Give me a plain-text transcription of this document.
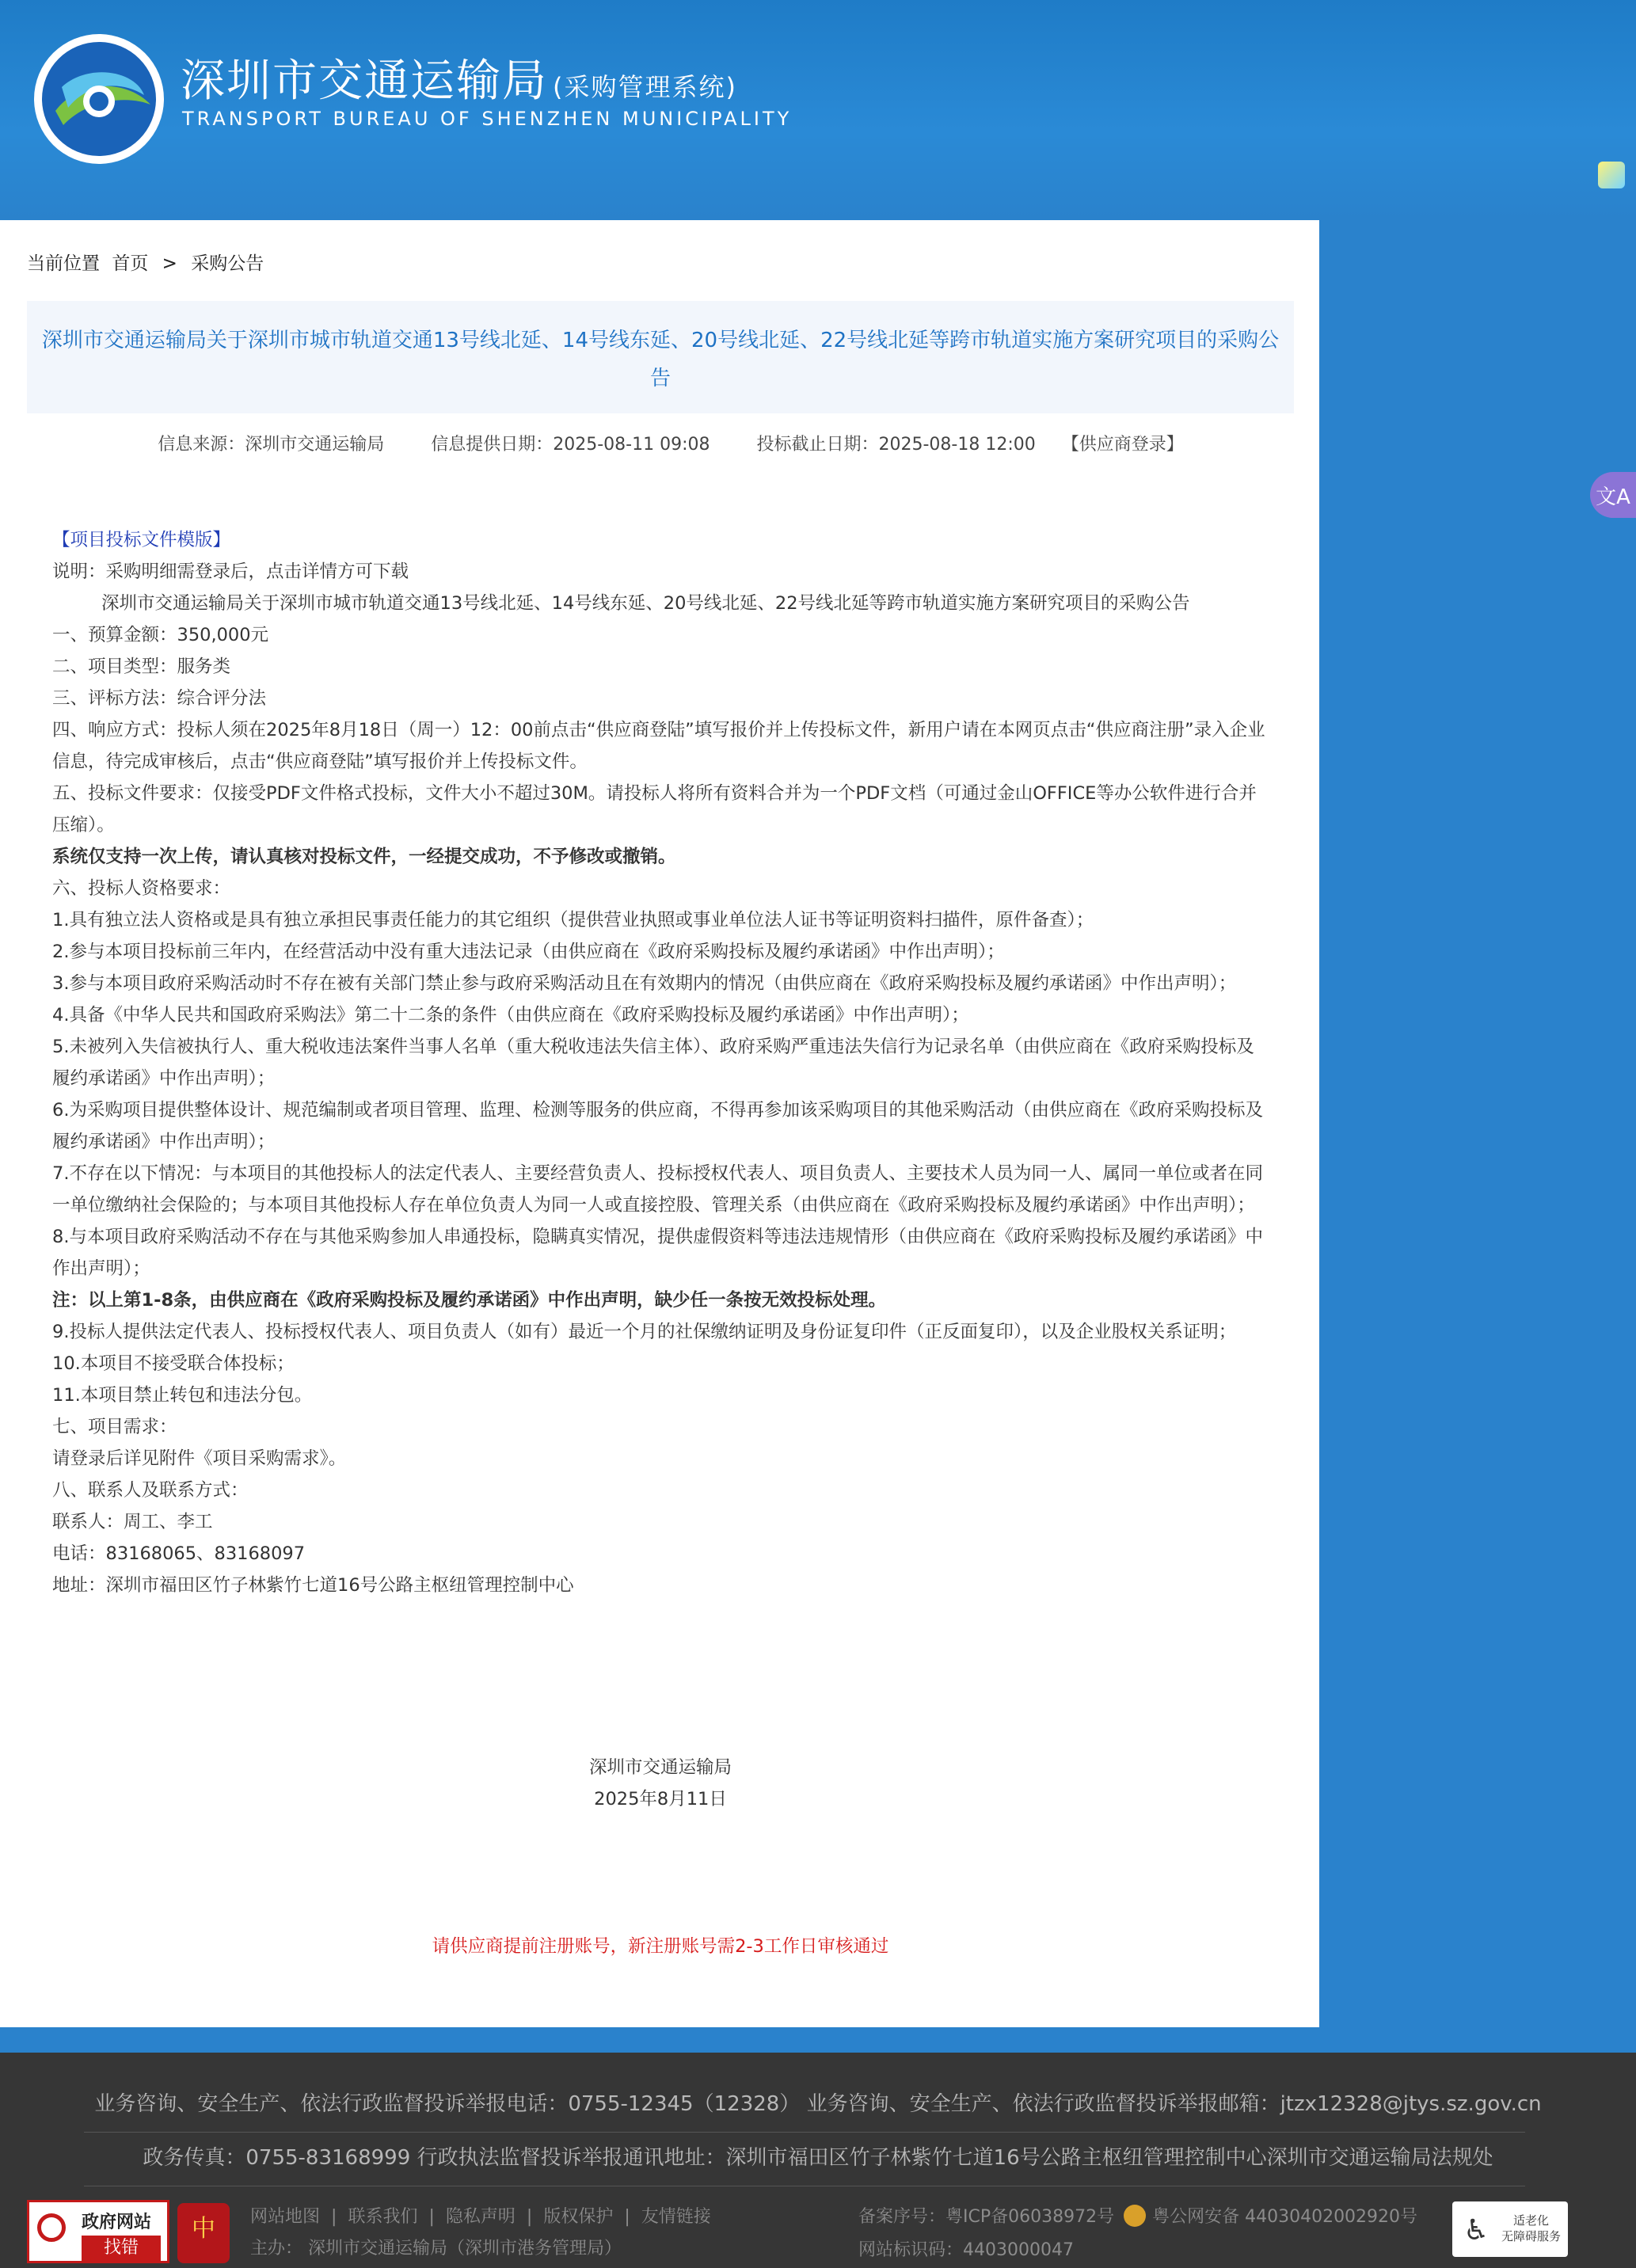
深圳市交通运输局 (采购管理系统)
TRANSPORT BUREAU OF SHENZHEN MUNICIPALITY
文A
当前位置 首页 > 采购公告
深圳市交通运输局关于深圳市城市轨道交通13号线北延、14号线东延、20号线北延、22号线北延等跨市轨道实施方案研究项目的采购公告
信息来源：深圳市交通运输局	信息提供日期：2025-08-11 09:08	投标截止日期：2025-08-18 12:00 【供应商登录】

【项目投标文件模版】

说明：采购明细需登录后，点击详情方可下载

深圳市交通运输局关于深圳市城市轨道交通13号线北延、14号线东延、20号线北延、22号线北延等跨市轨道实施方案研究项目的采购公告

一、预算金额：350,000元

二、项目类型：服务类

三、评标方法：综合评分法

四、响应方式：投标人须在2025年8月18日（周一）12：00前点击“供应商登陆”填写报价并上传投标文件，新用户请在本网页点击“供应商注册”录入企业信息，待完成审核后，点击“供应商登陆”填写报价并上传投标文件。

五、投标文件要求：仅接受PDF文件格式投标，文件大小不超过30M。请投标人将所有资料合并为一个PDF文档（可通过金山OFFICE等办公软件进行合并压缩）。

系统仅支持一次上传，请认真核对投标文件，一经提交成功，不予修改或撤销。

六、投标人资格要求：

1.具有独立法人资格或是具有独立承担民事责任能力的其它组织（提供营业执照或事业单位法人证书等证明资料扫描件，原件备查）；

2.参与本项目投标前三年内，在经营活动中没有重大违法记录（由供应商在《政府采购投标及履约承诺函》中作出声明）；

3.参与本项目政府采购活动时不存在被有关部门禁止参与政府采购活动且在有效期内的情况（由供应商在《政府采购投标及履约承诺函》中作出声明）；

4.具备《中华人民共和国政府采购法》第二十二条的条件（由供应商在《政府采购投标及履约承诺函》中作出声明）；

5.未被列入失信被执行人、重大税收违法案件当事人名单（重大税收违法失信主体）、政府采购严重违法失信行为记录名单（由供应商在《政府采购投标及履约承诺函》中作出声明）；

6.为采购项目提供整体设计、规范编制或者项目管理、监理、检测等服务的供应商，不得再参加该采购项目的其他采购活动（由供应商在《政府采购投标及履约承诺函》中作出声明）；

7.不存在以下情况：与本项目的其他投标人的法定代表人、主要经营负责人、投标授权代表人、项目负责人、主要技术人员为同一人、属同一单位或者在同一单位缴纳社会保险的；与本项目其他投标人存在单位负责人为同一人或直接控股、管理关系（由供应商在《政府采购投标及履约承诺函》中作出声明）；

8.与本项目政府采购活动不存在与其他采购参加人串通投标，隐瞒真实情况，提供虚假资料等违法违规情形（由供应商在《政府采购投标及履约承诺函》中作出声明）；

注：以上第1-8条，由供应商在《政府采购投标及履约承诺函》中作出声明，缺少任一条按无效投标处理。

9.投标人提供法定代表人、投标授权代表人、项目负责人（如有）最近一个月的社保缴纳证明及身份证复印件（正反面复印），以及企业股权关系证明；

10.本项目不接受联合体投标；

11.本项目禁止转包和违法分包。

七、项目需求：

请登录后详见附件《项目采购需求》。

八、联系人及联系方式：

联系人：周工、李工

电话：83168065、83168097

地址：深圳市福田区竹子林紫竹七道16号公路主枢纽管理控制中心

深圳市交通运输局
2025年8月11日
请供应商提前注册账号，新注册账号需2-3工作日审核通过
业务咨询、安全生产、依法行政监督投诉举报电话：0755-12345（12328） 业务咨询、安全生产、依法行政监督投诉举报邮箱：jtzx12328@jtys.sz.gov.cn
政务传真：0755-83168999 行政执法监督投诉举报通讯地址：深圳市福田区竹子林紫竹七道16号公路主枢纽管理控制中心深圳市交通运输局法规处
政府网站
找错
中	网站地图 | 联系我们 | 隐私声明 | 版权保护 | 友情链接
主办： 深圳市交通运输局（深圳市港务管理局）
备案序号：粤ICP备06038972号 粤公网安备 44030402002920号
网站标识码：4403000047
♿	适老化
无障碍服务
